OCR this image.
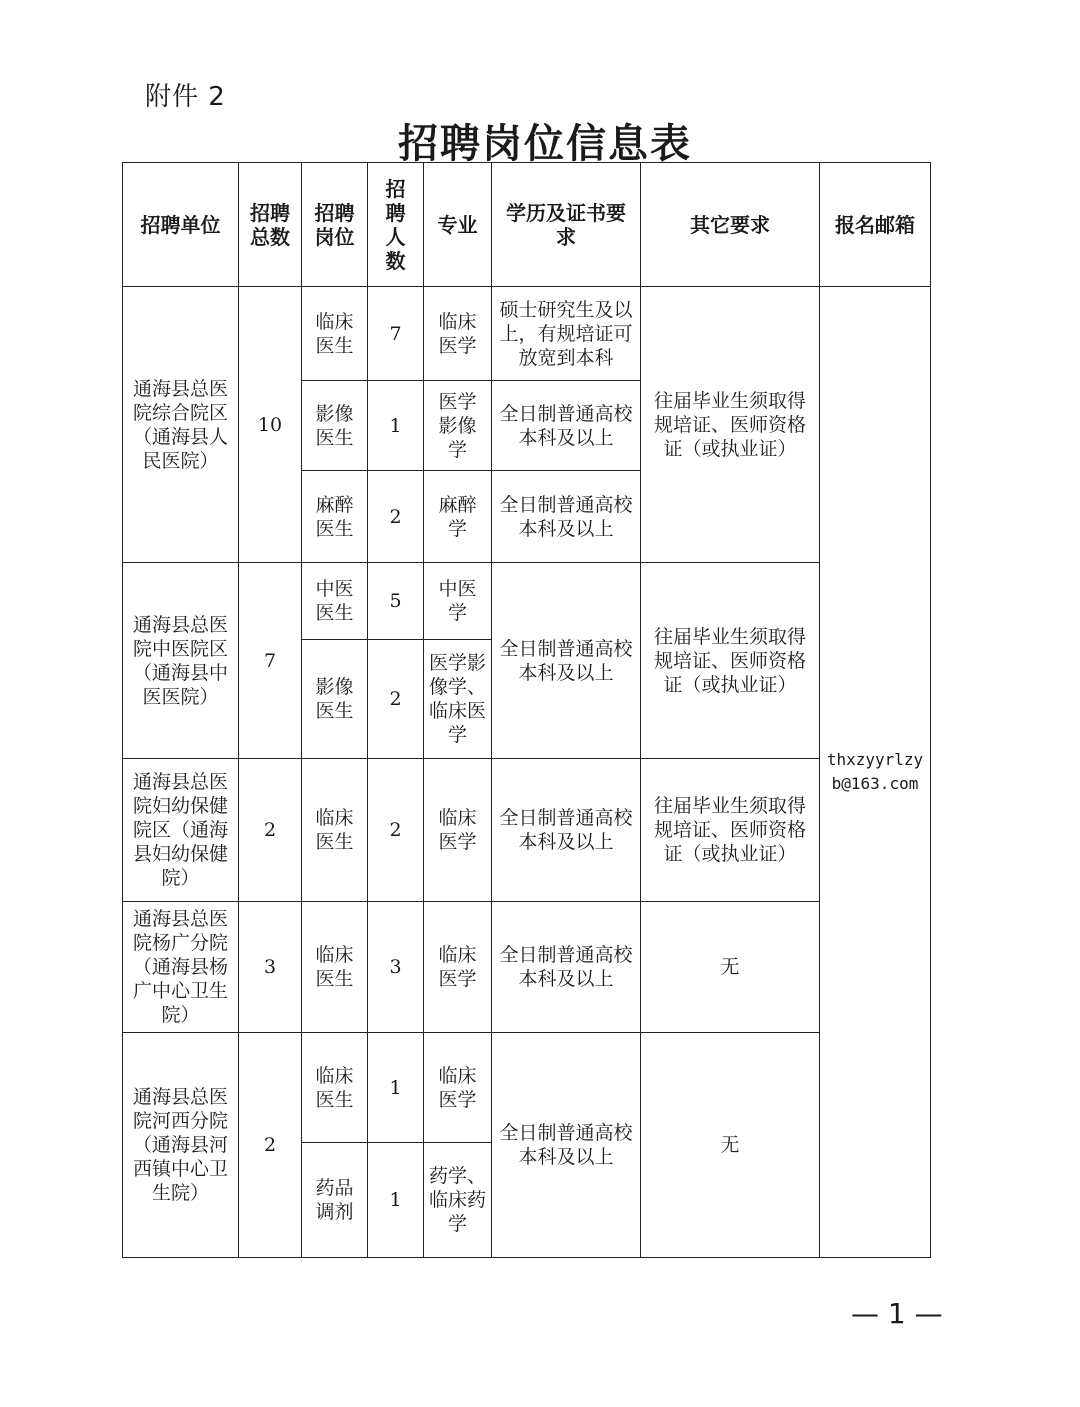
附件 2
招聘岗位信息表
招聘单位	招聘总数	招聘岗位	招聘人数	专业	学历及证书要求	其它要求	报名邮箱
通海县总医院综合院区（通海县人民医院）	10	临床医生	7	临床医学	硕士研究生及以上，有规培证可放宽到本科	往届毕业生须取得规培证、医师资格证（或执业证）	thxzyyrlzyb@163.com
		影像医生	1	医学影像学	全日制普通高校本科及以上		
		麻醉医生	2	麻醉学	全日制普通高校本科及以上		
通海县总医院中医院区（通海县中医医院）	7	中医医生	5	中医学	全日制普通高校本科及以上	往届毕业生须取得规培证、医师资格证（或执业证）	
		影像医生	2	医学影像学、临床医学			
通海县总医院妇幼保健院区（通海县妇幼保健院）	2	临床医生	2	临床医学	全日制普通高校本科及以上	往届毕业生须取得规培证、医师资格证（或执业证）	
通海县总医院杨广分院（通海县杨广中心卫生院）	3	临床医生	3	临床医学	全日制普通高校本科及以上	无	
通海县总医院河西分院（通海县河西镇中心卫生院）	2	临床医生	1	临床医学	全日制普通高校本科及以上	无	
		药品调剂	1	药学、临床药学			
— 1 —
